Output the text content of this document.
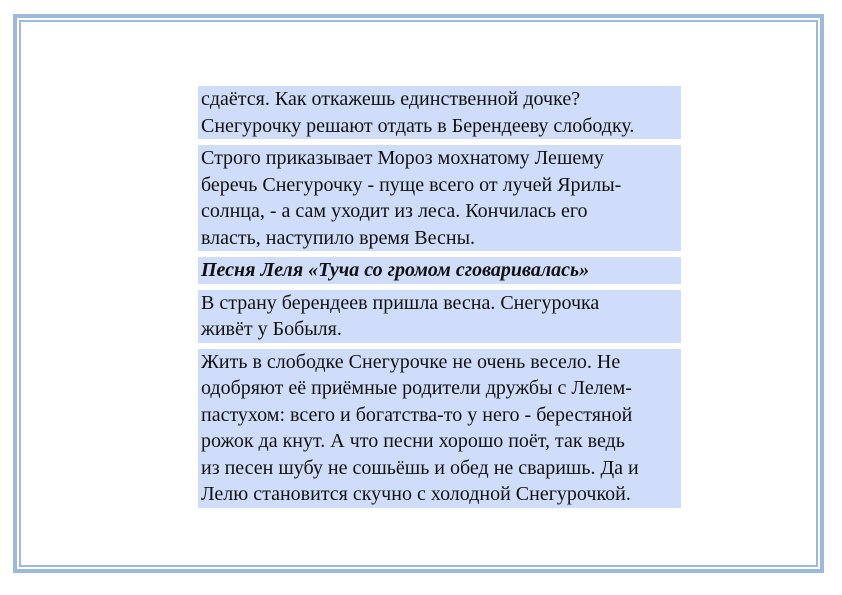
сдаётся. Как откажешь единственной дочке?
Снегурочку решают отдать в Берендееву слободку.
Строго приказывает Мороз мохнатому Лешему
беречь Снегурочку - пуще всего от лучей Ярилы-
солнца, - а сам уходит из леса. Кончилась его
власть, наступило время Весны.
Песня Леля «Туча со громом сговаривалась»
В страну берендеев пришла весна. Снегурочка
живёт у Бобыля.
Жить в слободке Снегурочке не очень весело. Не
одобряют её приёмные родители дружбы с Лелем-
пастухом: всего и богатства-то у него - берестяной
рожок да кнут. А что песни хорошо поёт, так ведь
из песен шубу не сошьёшь и обед не сваришь. Да и
Лелю становится скучно с холодной Снегурочкой.
